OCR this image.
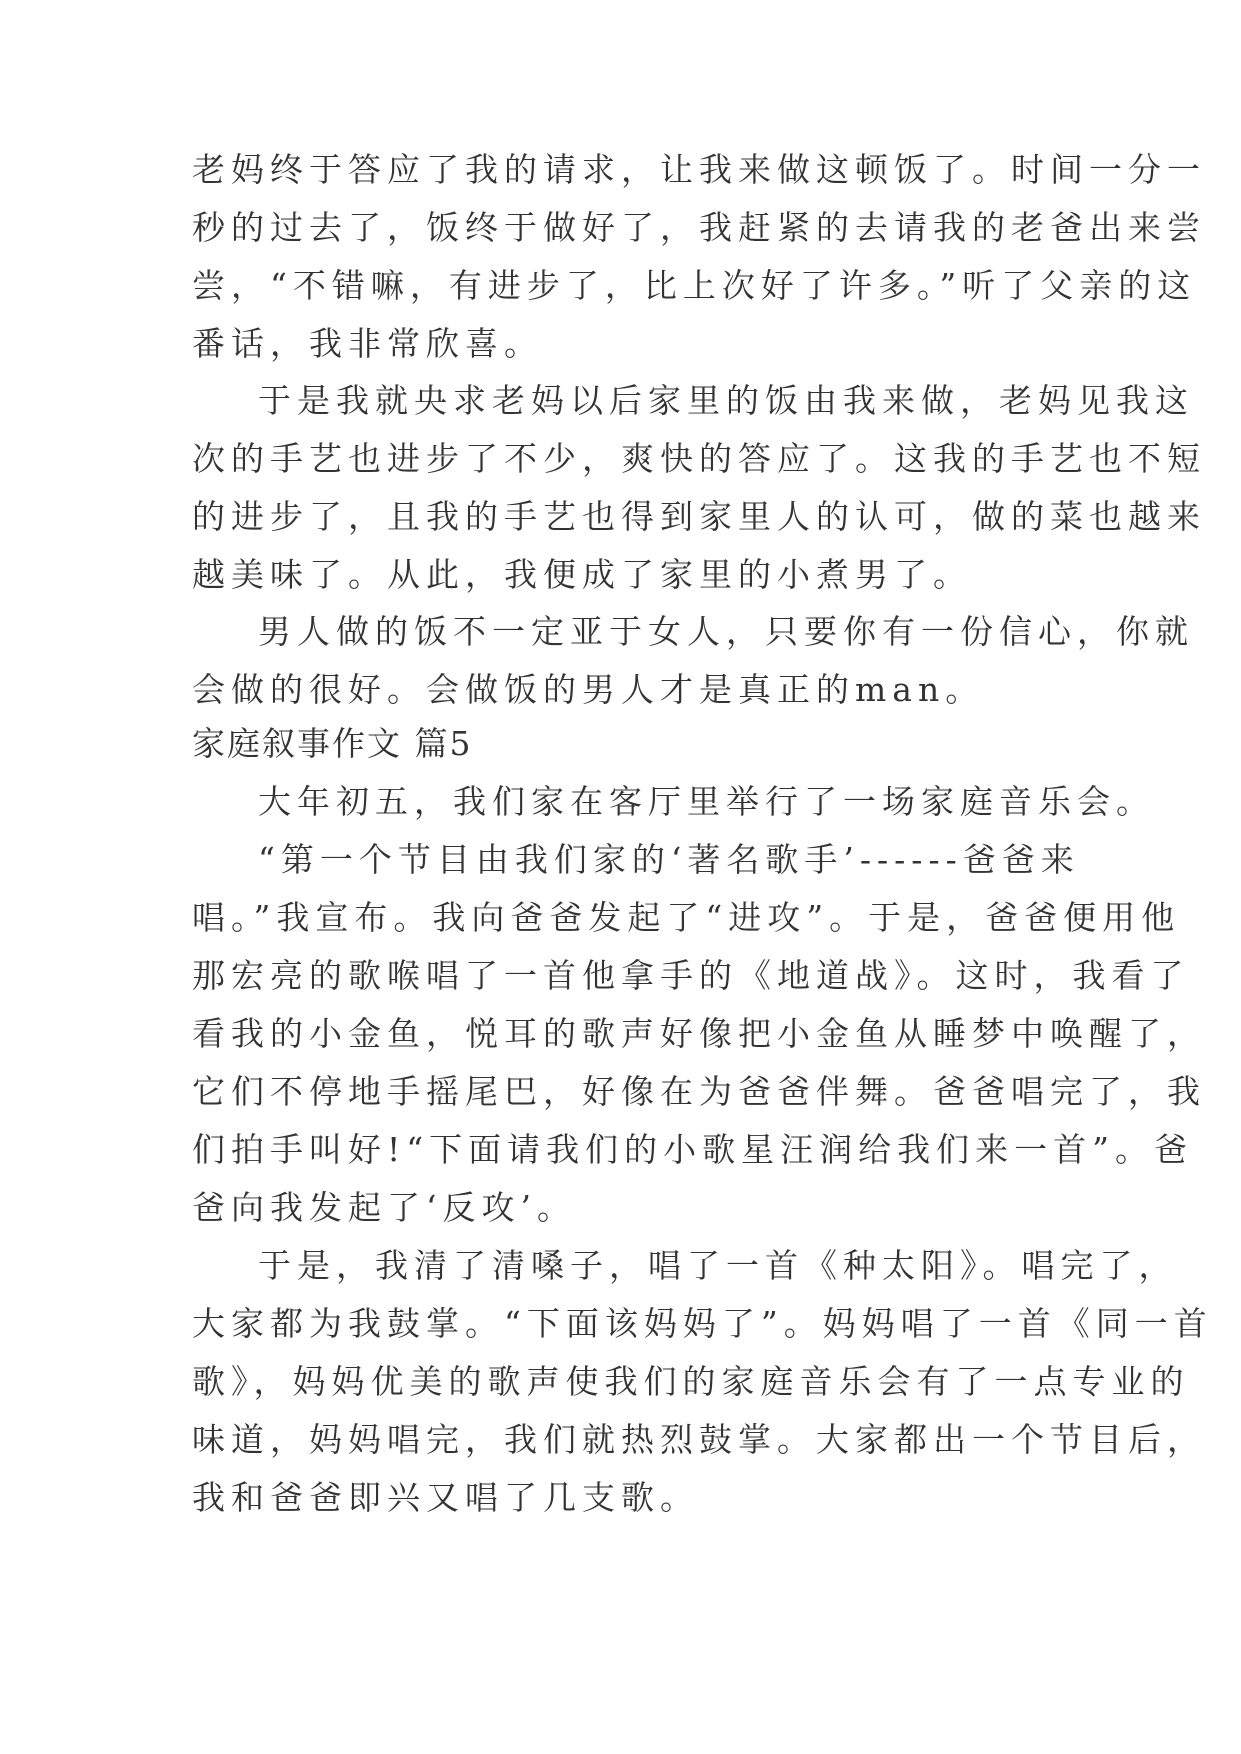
老妈终于答应了我的请求，让我来做这顿饭了。时间一分一
秒的过去了，饭终于做好了，我赶紧的去请我的老爸出来尝
尝，“不错嘛，有进步了，比上次好了许多。”听了父亲的这
番话，我非常欣喜。
于是我就央求老妈以后家里的饭由我来做，老妈见我这
次的手艺也进步了不少，爽快的答应了。这我的手艺也不短
的进步了，且我的手艺也得到家里人的认可，做的菜也越来
越美味了。从此，我便成了家里的小煮男了。
男人做的饭不一定亚于女人，只要你有一份信心，你就
会做的很好。会做饭的男人才是真正的man。
家庭叙事作文 篇5
大年初五，我们家在客厅里举行了一场家庭音乐会。
“第一个节目由我们家的‘著名歌手’------爸爸来
唱。”我宣布。我向爸爸发起了“进攻”。于是，爸爸便用他
那宏亮的歌喉唱了一首他拿手的《地道战》。这时，我看了
看我的小金鱼，悦耳的歌声好像把小金鱼从睡梦中唤醒了，
它们不停地手摇尾巴，好像在为爸爸伴舞。爸爸唱完了，我
们拍手叫好!“下面请我们的小歌星汪润给我们来一首”。爸
爸向我发起了‘反攻’。
于是，我清了清嗓子，唱了一首《种太阳》。唱完了，
大家都为我鼓掌。“下面该妈妈了”。妈妈唱了一首《同一首
歌》，妈妈优美的歌声使我们的家庭音乐会有了一点专业的
味道，妈妈唱完，我们就热烈鼓掌。大家都出一个节目后，
我和爸爸即兴又唱了几支歌。
